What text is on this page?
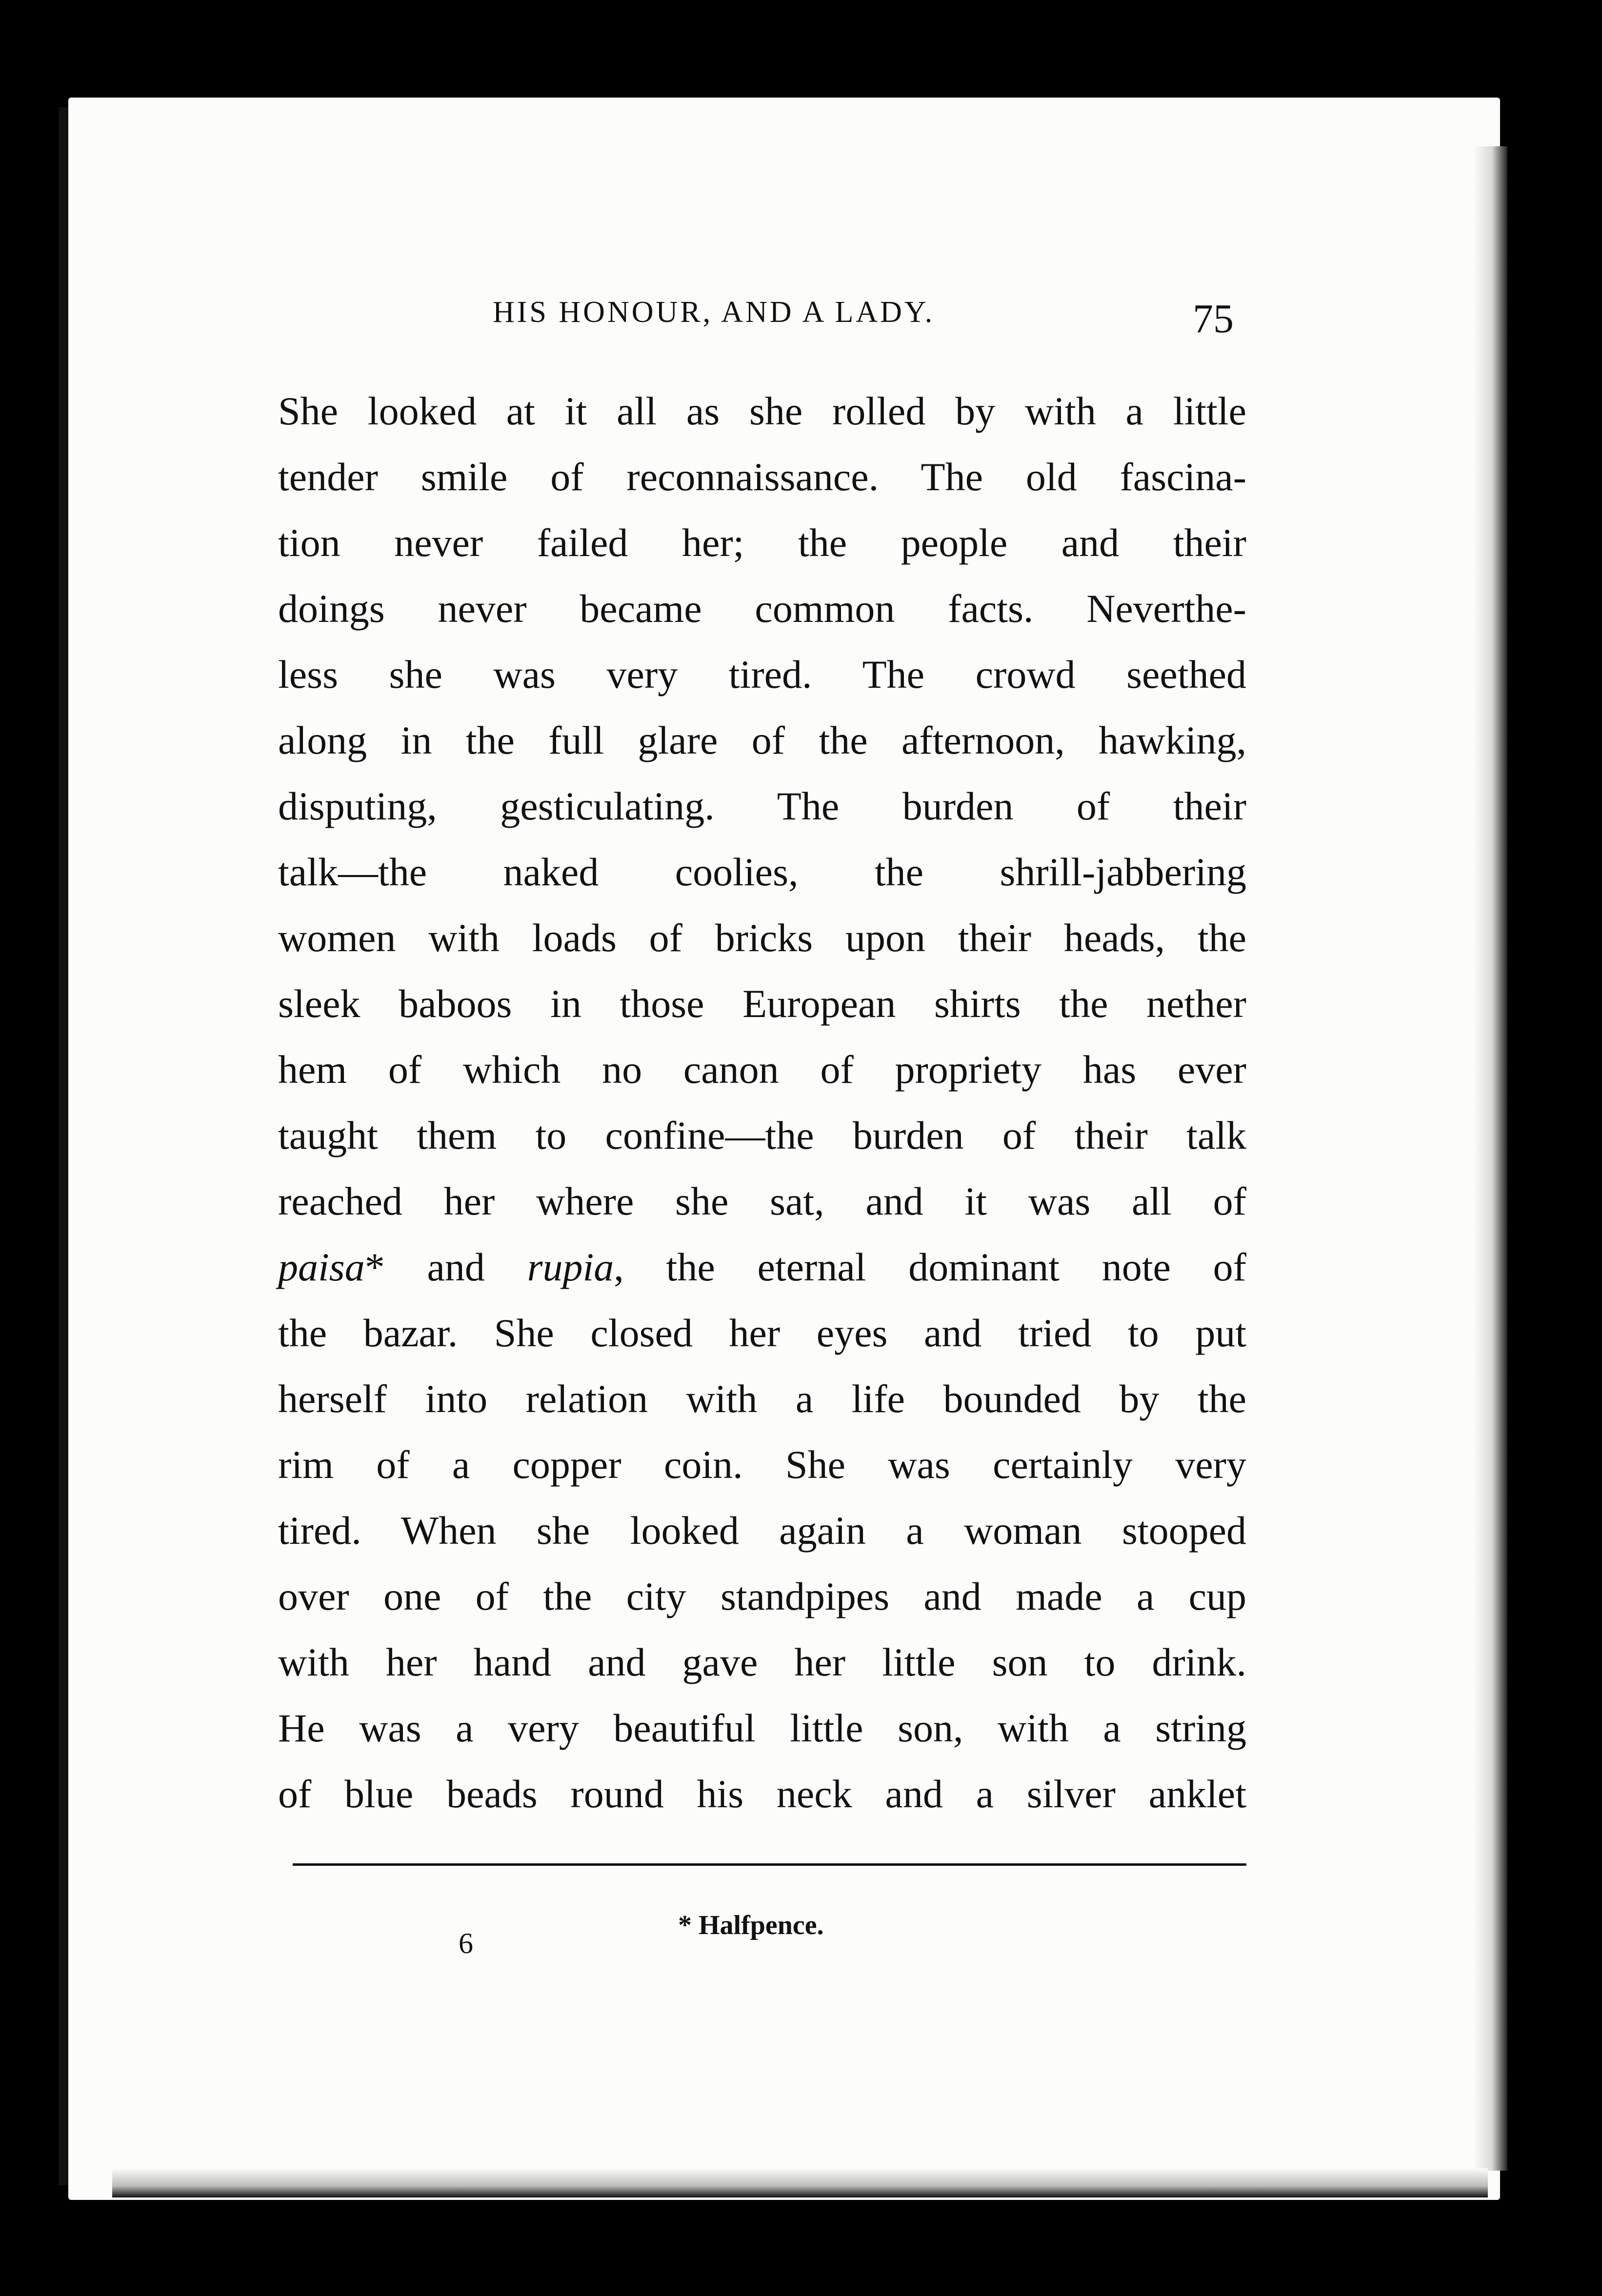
HIS HONOUR, AND A LADY.	75
She looked at it all as she rolled by with a little
tender smile of reconnaissance. The old fascina-
tion never failed her; the people and their
doings never became common facts. Neverthe-
less she was very tired. The crowd seethed
along in the full glare of the afternoon, hawking,
disputing, gesticulating. The burden of their
talk—the naked coolies, the shrill-jabbering
women with loads of bricks upon their heads, the
sleek baboos in those European shirts the nether
hem of which no canon of propriety has ever
taught them to confine—the burden of their talk
reached her where she sat, and it was all of
paisa* and rupia, the eternal dominant note of
the bazar. She closed her eyes and tried to put
herself into relation with a life bounded by the
rim of a copper coin. She was certainly very
tired. When she looked again a woman stooped
over one of the city standpipes and made a cup
with her hand and gave her little son to drink.
He was a very beautiful little son, with a string
of blue beads round his neck and a silver anklet
6
* Halfpence.
